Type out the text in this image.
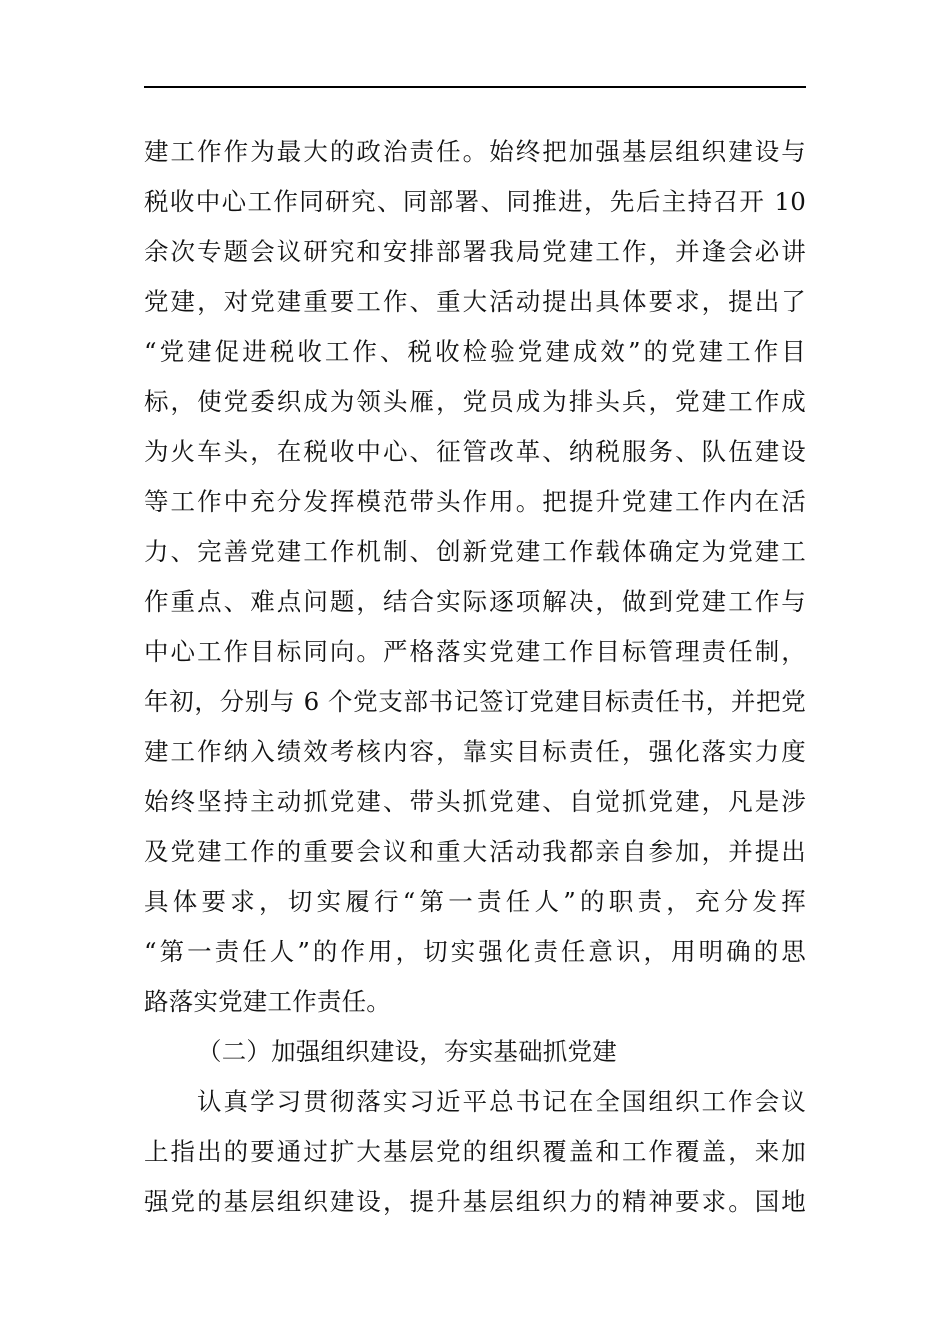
建工作作为最大的政治责任。始终把加强基层组织建设与
税收中心工作同研究、同部署、同推进，先后主持召开 10
余次专题会议研究和安排部署我局党建工作，并逢会必讲
党建，对党建重要工作、重大活动提出具体要求，提出了
“党建促进税收工作、税收检验党建成效”的党建工作目
标，使党委织成为领头雁，党员成为排头兵，党建工作成
为火车头，在税收中心、征管改革、纳税服务、队伍建设
等工作中充分发挥模范带头作用。把提升党建工作内在活
力、完善党建工作机制、创新党建工作载体确定为党建工
作重点、难点问题，结合实际逐项解决，做到党建工作与
中心工作目标同向。严格落实党建工作目标管理责任制，
年初，分别与 6 个党支部书记签订党建目标责任书，并把党
建工作纳入绩效考核内容，靠实目标责任，强化落实力度
始终坚持主动抓党建、带头抓党建、自觉抓党建，凡是涉
及党建工作的重要会议和重大活动我都亲自参加，并提出
具体要求，切实履行“第一责任人”的职责，充分发挥
“第一责任人”的作用，切实强化责任意识，用明确的思
路落实党建工作责任。
（二）加强组织建设，夯实基础抓党建
认真学习贯彻落实习近平总书记在全国组织工作会议
上指出的要通过扩大基层党的组织覆盖和工作覆盖，来加
强党的基层组织建设，提升基层组织力的精神要求。国地
